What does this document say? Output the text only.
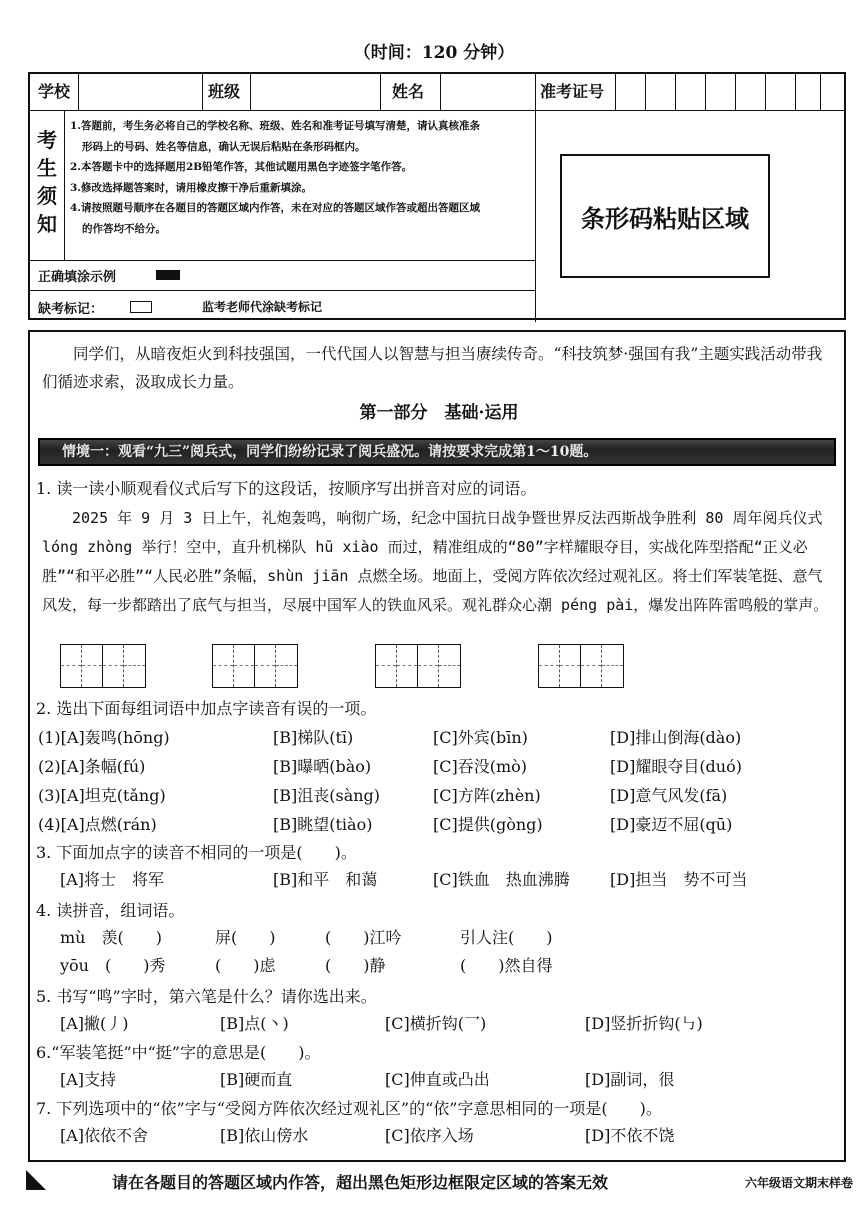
（时间：120 分钟）
学校	班级	姓名	准考证号
考生须知
1.答题前，考生务必将自己的学校名称、班级、姓名和准考证号填写清楚，请认真核准条
形码上的号码、姓名等信息，确认无误后粘贴在条形码框内。
2.本答题卡中的选择题用2B铅笔作答，其他试题用黑色字迹签字笔作答。
3.修改选择题答案时，请用橡皮擦干净后重新填涂。
4.请按照题号顺序在各题目的答题区域内作答，未在对应的答题区域作答或超出答题区域
的作答均不给分。
正确填涂示例
缺考标记：	监考老师代涂缺考标记
条形码粘贴区域
同学们，从暗夜炬火到科技强国，一代代国人以智慧与担当赓续传奇。“科技筑梦·强国有我”主题实践活动带我们循迹求索，汲取成长力量。
第一部分　基础·运用
情境一：观看“九三”阅兵式，同学们纷纷记录了阅兵盛况。请按要求完成第1～10题。
1. 读一读小顺观看仪式后写下的这段话，按顺序写出拼音对应的词语。
2025 年 9 月 3 日上午，礼炮轰鸣，响彻广场，纪念中国抗日战争暨世界反法西斯战争胜利 80 周年阅兵仪式 lóng zhòng 举行！空中，直升机梯队 hū xiào 而过，精准组成的“80”字样耀眼夺目，实战化阵型搭配“正义必胜”“和平必胜”“人民必胜”条幅，shùn jiān 点燃全场。地面上，受阅方阵依次经过观礼区。将士们军装笔挺、意气风发，每一步都踏出了底气与担当，尽展中国军人的铁血风采。观礼群众心潮 péng pài，爆发出阵阵雷鸣般的掌声。
2. 选出下面每组词语中加点字读音有误的一项。
(1)[A]轰鸣(hōng)	[B]梯队(tī)	[C]外宾(bīn)	[D]排山倒海(dào)
(2)[A]条幅(fú)	[B]曝晒(bào)	[C]吞没(mò)	[D]耀眼夺目(duó)
(3)[A]坦克(tǎng)	[B]沮丧(sàng)	[C]方阵(zhèn)	[D]意气风发(fā)
(4)[A]点燃(rán)	[B]眺望(tiào)	[C]提供(gòng)	[D]豪迈不屈(qū)
3. 下面加点字的读音不相同的一项是(　　)。
[A]将士　将军	[B]和平　和蔼	[C]铁血　热血沸腾	[D]担当　势不可当
4. 读拼音，组词语。
mù　羡(　　)	屏(　　)	(　　)江吟	引人注(　　)
yōu　(　　)秀	(　　)虑	(　　)静	(　　)然自得
5. 书写“鸣”字时，第六笔是什么？请你选出来。
[A]撇(丿)	[B]点(丶)	[C]横折钩(乛)	[D]竖折折钩(㇉)
6.“军装笔挺”中“挺”字的意思是(　　)。
[A]支持	[B]硬而直	[C]伸直或凸出	[D]副词，很
7. 下列选项中的“依”字与“受阅方阵依次经过观礼区”的“依”字意思相同的一项是(　　)。
[A]依依不舍	[B]依山傍水	[C]依序入场	[D]不依不饶
请在各题目的答题区域内作答，超出黑色矩形边框限定区域的答案无效	六年级语文期末样卷
